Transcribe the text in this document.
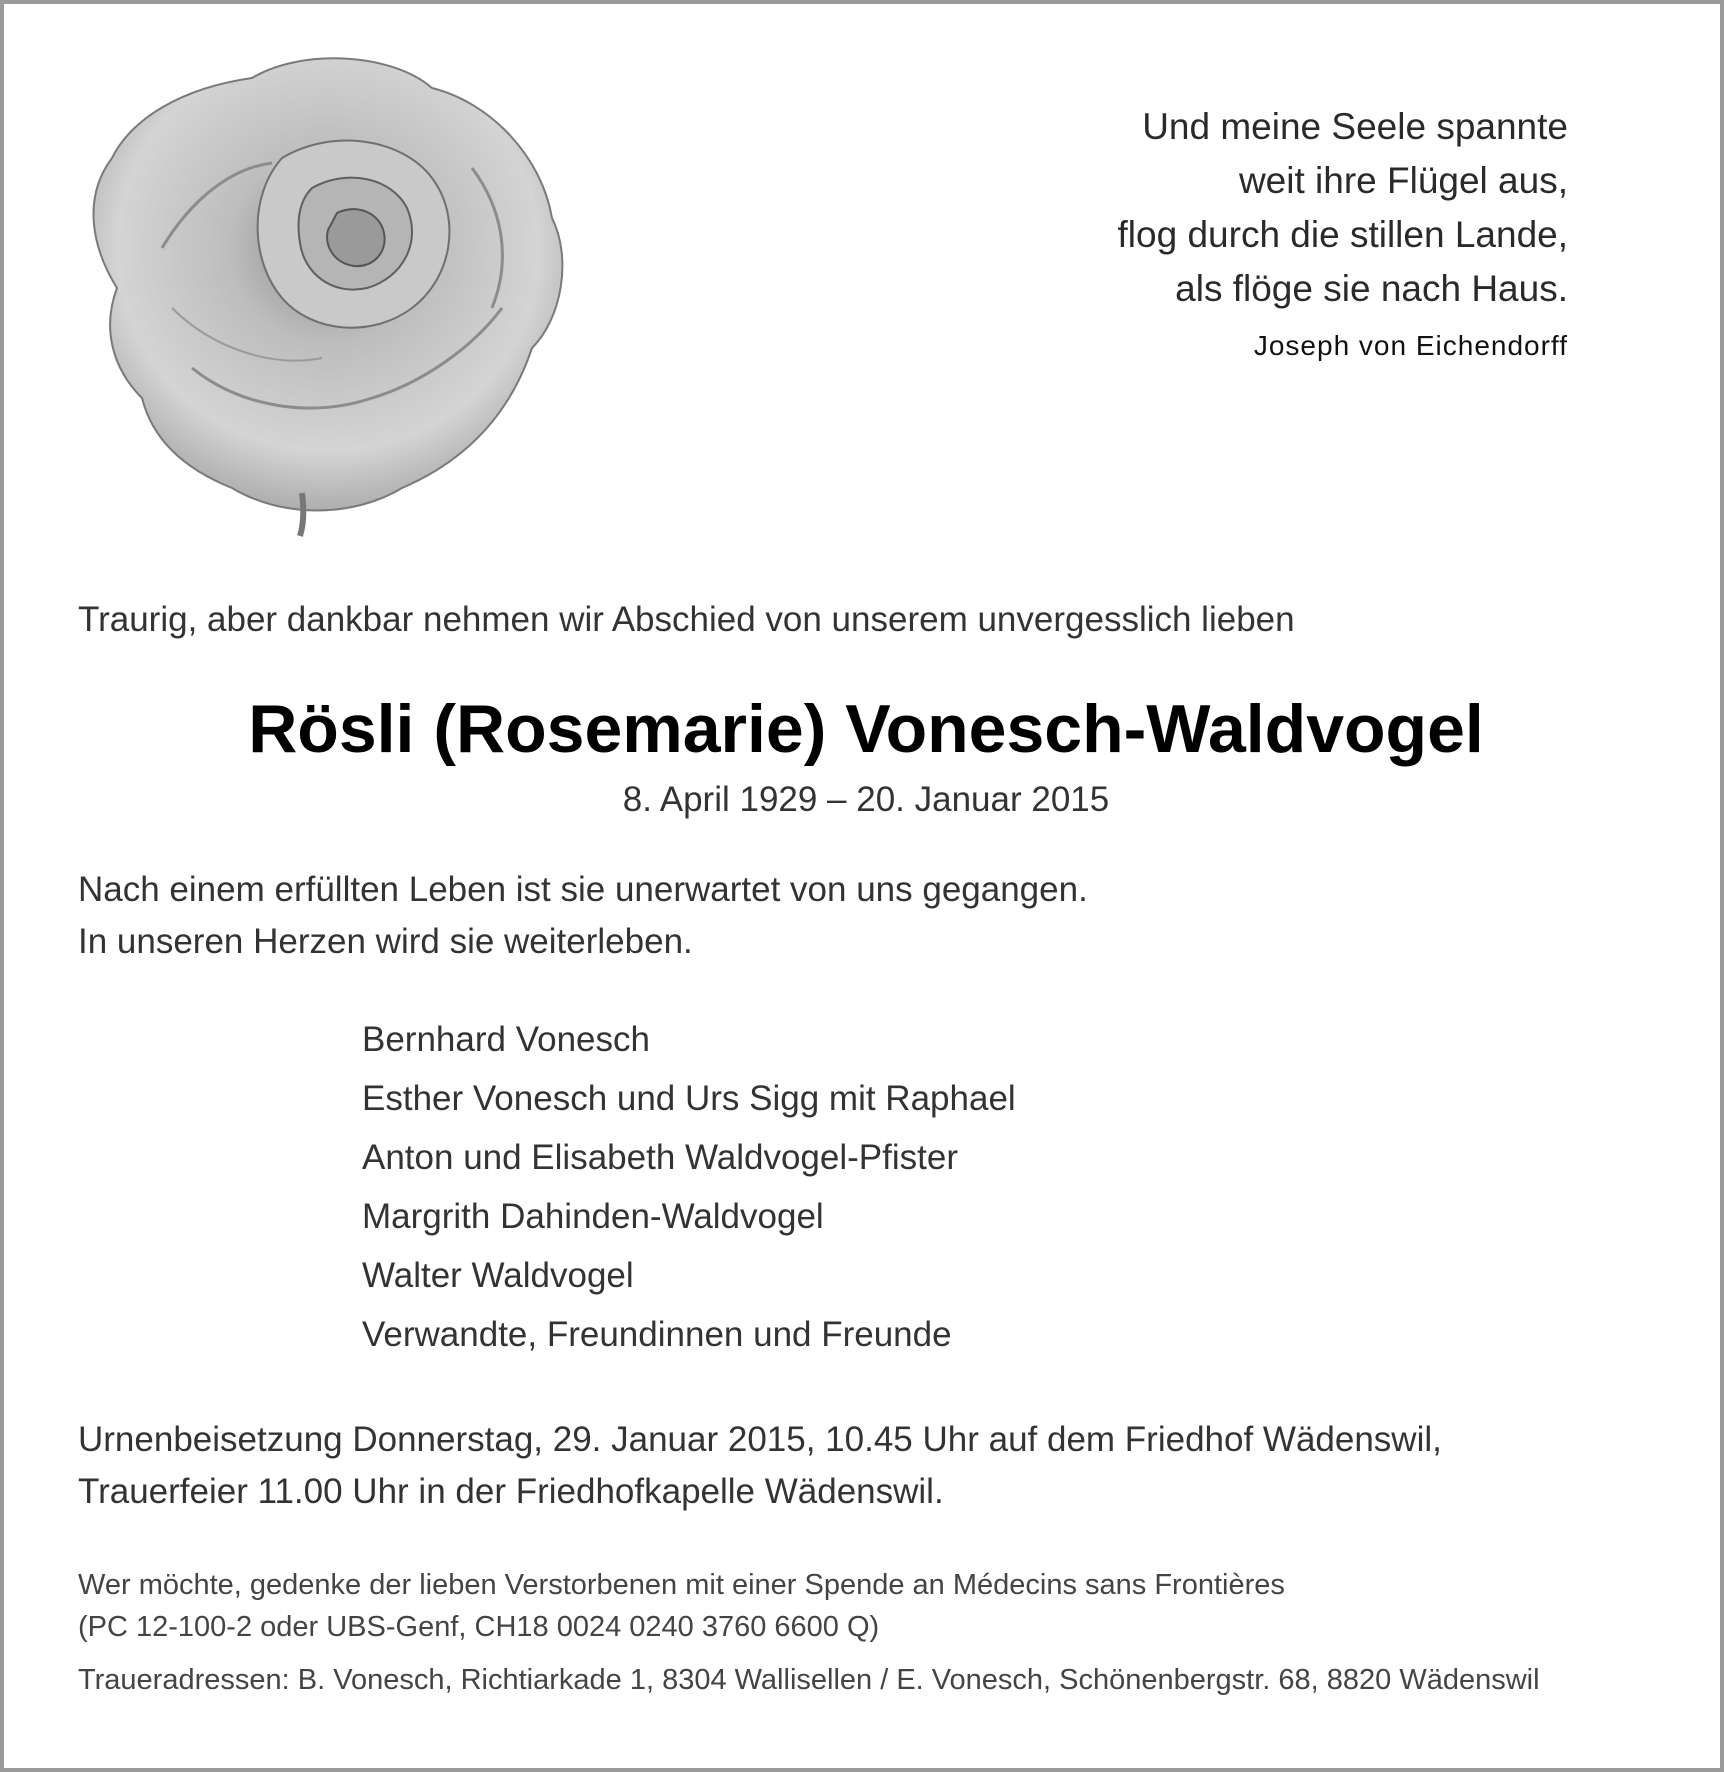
Und meine Seele spannte
weit ihre Flügel aus,
flog durch die stillen Lande,
als flöge sie nach Haus.
Joseph von Eichendorff
Traurig, aber dankbar nehmen wir Abschied von unserem unvergesslich lieben
Rösli (Rosemarie) Vonesch-Waldvogel
8. April 1929 – 20. Januar 2015
Nach einem erfüllten Leben ist sie unerwartet von uns gegangen.
In unseren Herzen wird sie weiterleben.
Bernhard Vonesch
Esther Vonesch und Urs Sigg mit Raphael
Anton und Elisabeth Waldvogel-Pfister
Margrith Dahinden-Waldvogel
Walter Waldvogel
Verwandte, Freundinnen und Freunde
Urnenbeisetzung Donnerstag, 29. Januar 2015, 10.45 Uhr auf dem Friedhof Wädenswil,
Trauerfeier 11.00 Uhr in der Friedhofkapelle Wädenswil.
Wer möchte, gedenke der lieben Verstorbenen mit einer Spende an Médecins sans Frontières
(PC 12-100-2 oder UBS-Genf, CH18 0024 0240 3760 6600 Q)
Traueradressen: B. Vonesch, Richtiarkade 1, 8304 Wallisellen / E. Vonesch, Schönenbergstr. 68, 8820 Wädenswil
